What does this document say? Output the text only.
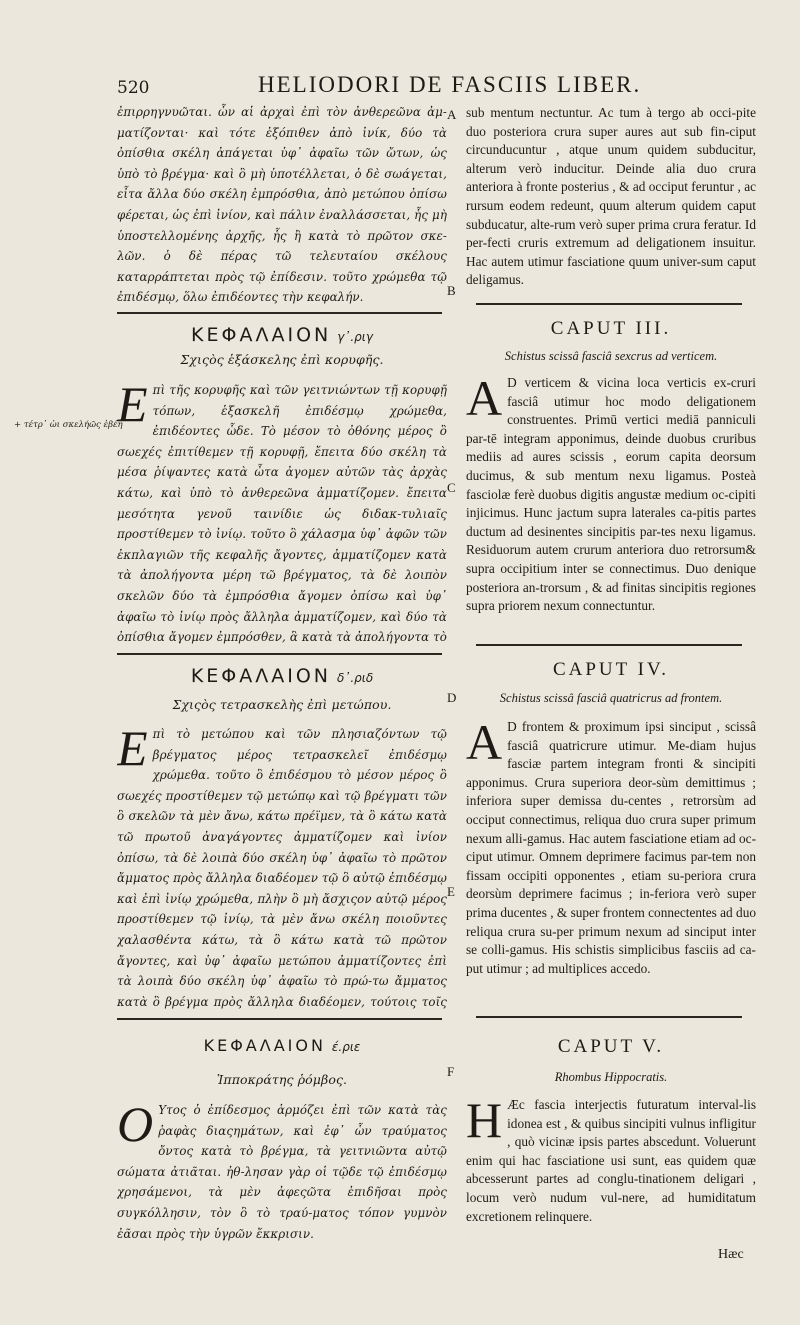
520	HELIODORI DE FASCIIS LIBER.
A
B
C
D
E
F
+ τέτρ᾽ ὠι σκελήῶς ἐβέη
ἐπιρρηγνυῶται. ὧν αἱ ἀρχαὶ ἐπὶ τὸν ἀνθερεῶνα ἀμ-ματίζονται· καὶ τότε ἐξόπιθεν ἀπὸ ἰνίκ, δύο τὰ ὀπίσθια σκέλη ἀπάγεται ὑφ᾽ ἀφαῖω τῶν ὤτων, ὡς ὑπὸ τὸ βρέγμα· καὶ ὃ μὴ ὑποτέλλεται, ὁ δὲ σωάγεται, εἶτα ἄλλα δύο σκέλη ἐμπρόσθια, ἀπὸ μετώπου ὀπίσω φέρεται, ὡς ἐπὶ ἰνίον, καὶ πάλιν ἐναλλάσσεται, ἧς μὴ ὑποστελλομένης ἀρχῆς, ἧς ἢ κατὰ τὸ πρῶτον σκε-λῶν. ὁ δὲ πέρας τῶ τελευταίου σκέλους καταρράπτεται πρὸς τῷ ἐπίδεσιν. τοῦτο χρώμεθα τῷ ἐπιδέσμῳ, ὅλω ἐπιδέοντες τὴν κεφαλήν.
ΚΕΦΑΛΑΙΟΝ γ᾽.ριγ
Σχιςὸς ἑξάσκελης ἐπὶ κορυφῆς.
Eπὶ τῆς κορυφῆς καὶ τῶν γειτνιώντων τῇ κορυφῇ τόπων, ἑξασκελῆ ἐπιδέσμῳ χρώμεθα, ἐπιδέοντες ὧδε. Τὸ μέσον τὸ ὀθόνης μέρος ὃ σωεχές ἐπιτίθεμεν τῇ κορυφῇ, ἔπειτα δύο σκέλη τὰ μέσα ῥίψαντες κατὰ ὦτα ἀγομεν αὐτῶν τὰς ἀρχὰς κάτω, καὶ ὑπὸ τὸ ἀνθερεῶνα ἀμματίζομεν. ἔπειτα μεσότητα γενοῦ ταινίδιε ὡς διδακ-τυλιαῖς προστίθεμεν τὸ ἰνίῳ. τοῦτο ὃ χάλασμα ὑφ᾽ ἀφῶν τῶν ἐκπλαγιῶν τῆς κεφαλῆς ἄγοντες, ἀμματίζομεν κατὰ τὰ ἀπολήγοντα μέρη τῶ βρέγματος, τὰ δὲ λοιπὸν σκελῶν δύο τὰ ἐμπρόσθια ἄγομεν ὀπίσω καὶ ὑφ᾽ ἀφαῖω τὸ ἰνίῳ πρὸς ἄλληλα ἀμματίζομεν, καὶ δύο τὰ ὀπίσθια ἄγομεν ἐμπρόσθεν, ἃ κατὰ τὰ ἀπολήγοντα τὸ
ΚΕΦΑΛΑΙΟΝ δ᾽.ριδ
Σχιςὸς τετρασκελὴς ἐπὶ μετώπου.
Eπὶ τὸ μετώπου καὶ τῶν πλησιαζόντων τῷ βρέγματος μέρος τετρασκελεῖ ἐπιδέσμῳ χρώμεθα. τοῦτο ὃ ἐπιδέσμου τὸ μέσον μέρος ὃ σωεχές προστίθεμεν τῷ μετώπῳ καὶ τῷ βρέγματι τῶν ὃ σκελῶν τὰ μὲν ἄνω, κάτω πρέϊμεν, τὰ ὃ κάτω κατὰ τῶ πρωτοῦ ἀναγάγοντες ἀμματίζομεν καὶ ἰνίον ὀπίσω, τὰ δὲ λοιπὰ δύο σκέλη ὑφ᾽ ἀφαῖω τὸ πρῶτον ἄμματος πρὸς ἄλληλα διαδέομεν τῷ ὃ αὐτῷ ἐπιδέσμῳ καὶ ἐπὶ ἰνίῳ χρώμεθα, πλὴν ὃ μὴ ἄσχιςον αὐτῷ μέρος προστίθεμεν τῷ ἰνίῳ, τὰ μὲν ἄνω σκέλη ποιοῦντες χαλασθέντα κάτω, τὰ ὃ κάτω κατὰ τῶ πρῶτον ἄγοντες, καὶ ὑφ᾽ ἀφαῖω μετώπου ἀμματίζοντες ἐπὶ τὰ λοιπὰ δύο σκέλη ὑφ᾽ ἀφαῖω τὸ πρώ-τω ἄμματος κατὰ ὃ βρέγμα πρὸς ἄλληλα διαδέομεν, τούτοις τοῖς
ΚΕΦΑΛΑΙΟΝ έ.ριε
Ἱπποκράτης ῥόμβος.
O Υτος ὁ ἐπίδεσμος ἁρμόζει ἐπὶ τῶν κατὰ τὰς ῥαφὰς διαςημάτων, καὶ ἐφ᾽ ὧν τραύματος ὄντος κατὰ τὸ βρέγμα, τὰ γειτνιῶντα αὐτῷ σώματα ἀτιᾶται. ἠθ-λησαν γὰρ οἱ τῷδε τῷ ἐπιδέσμῳ χρησάμενοι, τὰ μὲν ἀφεςῶτα ἐπιδῆσαι πρὸς συγκόλλησιν, τὸν ὃ τὸ τραύ-ματος τόπον γυμνὸν ἐᾶσαι πρὸς τὴν ὑγρῶν ἔκκρισιν.
sub mentum nectuntur. Ac tum à tergo ab occi-pite duo posteriora crura super aures aut sub fin-ciput circunducuntur , atque unum quidem subducitur, alterum verò inducitur. Deinde alia duo crura anteriora à fronte posterius , & ad occiput feruntur , ac rursum eodem redeunt, quum alterum quidem caput subducatur, alte-rum verò super prima crura feratur. Id per-fecti cruris extremum ad deligationem insuitur. Hac autem utimur fasciatione quum univer-sum caput deligamus.
CAPUT III.
Schistus scissâ fasciâ sexcrus ad verticem.
A D verticem & vicina loca verticis ex-cruri fasciâ utimur hoc modo deligationem construentes. Primū vertici mediā panniculi par-tē integram apponimus, deinde duobus cruribus mediis ad aures scissis , eorum capita deorsum ducimus, & sub mentum nexu ligamus. Posteà fasciolæ ferè duobus digitis angustæ medium oc-cipiti injicimus. Hunc jactum supra laterales ca-pitis partes ductum ad desinentes sincipitis par-tes nexu ligamus. Residuorum autem crurum anteriora duo retrorsum& supra occipitium inter se connectimus. Duo denique posteriora an-trorsum , & ad finitas sincipitis regiones supra priorem nexum connectuntur.
CAPUT IV.
Schistus scissâ fasciâ quatricrus ad frontem.
A D frontem & proximum ipsi sinciput , scissâ fasciâ quatricrure utimur. Me-diam hujus fasciæ partem integram fronti & sincipiti apponimus. Crura superiora deor-sùm demittimus ; inferiora super demissa du-centes , retrorsùm ad occiput connectimus, reliqua duo crura super primum nexum alli-gamus. Hac autem fasciatione etiam ad oc-ciput utimur. Omnem deprimere facimus par-tem non fissam occipiti opponentes , etiam su-periora crura deorsùm deprimere facimus ; in-feriora verò super prima ducentes , & super frontem connectentes ad duo reliqua crura su-per primum nexum ad sinciput inter se colli-gamus. His schistis simplicibus fasciis ad ca-put utimur ; ad multiplices accedo.
CAPUT V.
Rhombus Hippocratis.
H Æc fascia interjectis futuratum interval-lis idonea est , & quibus sincipiti vulnus infligitur , quò vicinæ ipsis partes abscedunt. Voluerunt enim qui hac fasciatione usi sunt, eas quidem quæ abcesserunt partes ad conglu-tinationem deligari , locum verò nudum vul-nere, ad humiditatum excretionem relinquere.
Hæc
